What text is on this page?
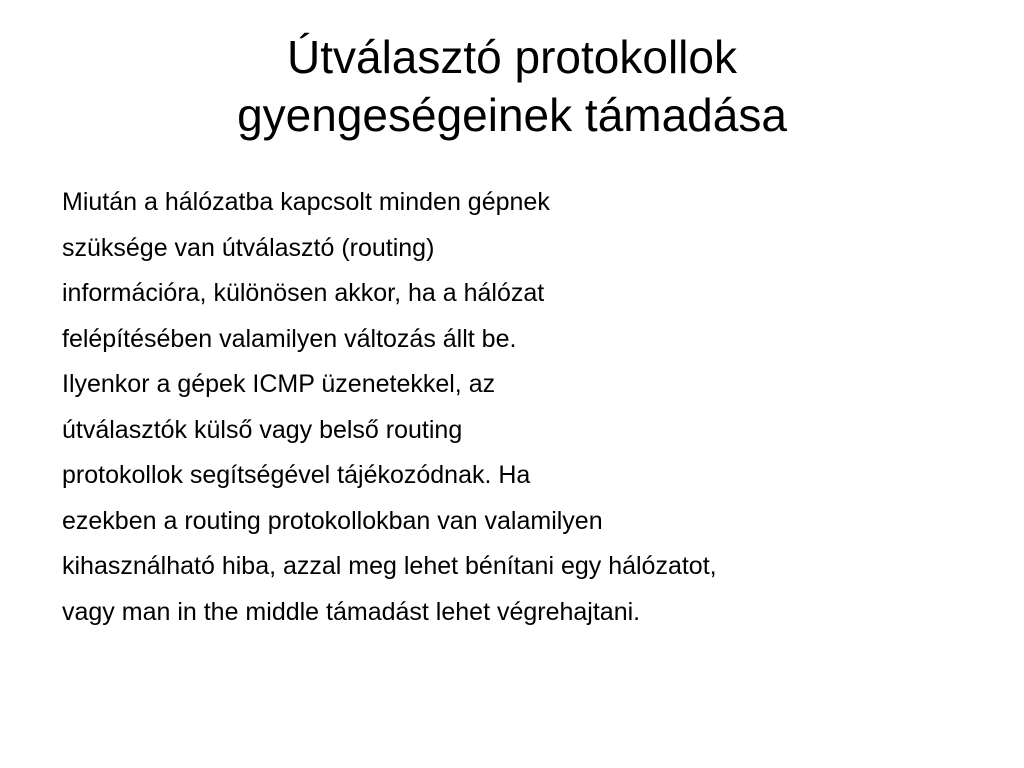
Útválasztó protokollok
gyengeségeinek támadása
Miután a hálózatba kapcsolt minden gépnek
szüksége van útválasztó (routing)
információra, különösen akkor, ha a hálózat
felépítésében valamilyen változás állt be.
Ilyenkor a gépek ICMP üzenetekkel, az
útválasztók külső vagy belső routing
protokollok segítségével tájékozódnak. Ha
ezekben a routing protokollokban van valamilyen
kihasználható hiba, azzal meg lehet bénítani egy hálózatot,
vagy man in the middle támadást lehet végrehajtani.
